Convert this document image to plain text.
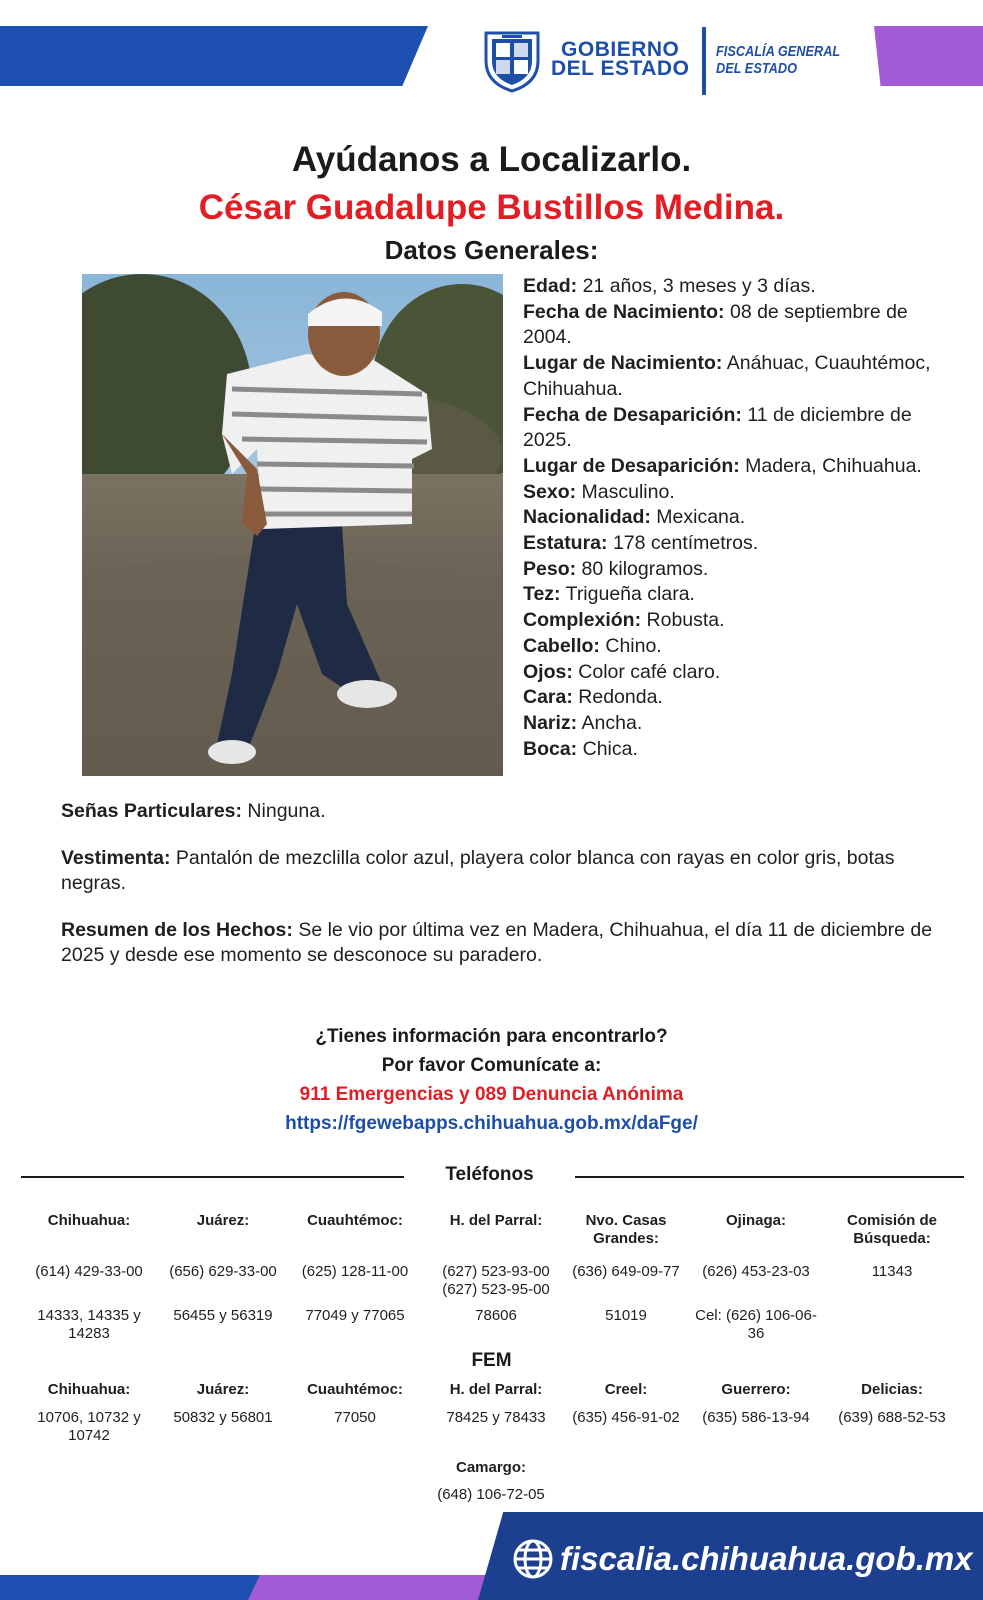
GOBIERNO
DEL ESTADO
FISCALÍA GENERAL
DEL ESTADO
Ayúdanos a Localizarlo.
César Guadalupe Bustillos Medina.
Datos Generales:
Edad: 21 años, 3 meses y 3 días.
Fecha de Nacimiento: 08 de septiembre de 2004.
Lugar de Nacimiento: Anáhuac, Cuauhtémoc, Chihuahua.
Fecha de Desaparición: 11 de diciembre de 2025.
Lugar de Desaparición: Madera, Chihuahua.
Sexo: Masculino.
Nacionalidad: Mexicana.
Estatura: 178 centímetros.
Peso: 80 kilogramos.
Tez: Trigueña clara.
Complexión: Robusta.
Cabello: Chino.
Ojos: Color café claro.
Cara: Redonda.
Nariz: Ancha.
Boca: Chica.

Señas Particulares: Ninguna.

Vestimenta: Pantalón de mezclilla color azul, playera color blanca con rayas en color gris, botas negras.

Resumen de los Hechos: Se le vio por última vez en Madera, Chihuahua, el día 11 de diciembre de 2025 y desde ese momento se desconoce su paradero.

¿Tienes información para encontrarlo?
Por favor Comunícate a:
911 Emergencias y 089 Denuncia Anónima
https://fgewebapps.chihuahua.gob.mx/daFge/
Teléfonos
Chihuahua:
(614) 429-33-00
14333, 14335 y 14283
Juárez:
(656) 629-33-00
56455 y 56319
Cuauhtémoc:
(625) 128-11-00
77049 y 77065
H. del Parral:
(627) 523-93-00 (627) 523-95-00
78606
Nvo. Casas Grandes:
(636) 649-09-77
51019
Ojinaga:
(626) 453-23-03
Cel: (626) 106-06-36
Comisión de Búsqueda:
11343
FEM
Chihuahua:
10706, 10732 y 10742
Juárez:
50832 y 56801
Cuauhtémoc:
77050
H. del Parral:
78425 y 78433
Creel:
(635) 456-91-02
Guerrero:
(635) 586-13-94
Delicias:
(639) 688-52-53
Camargo:
(648) 106-72-05
fiscalia.chihuahua.gob.mx
